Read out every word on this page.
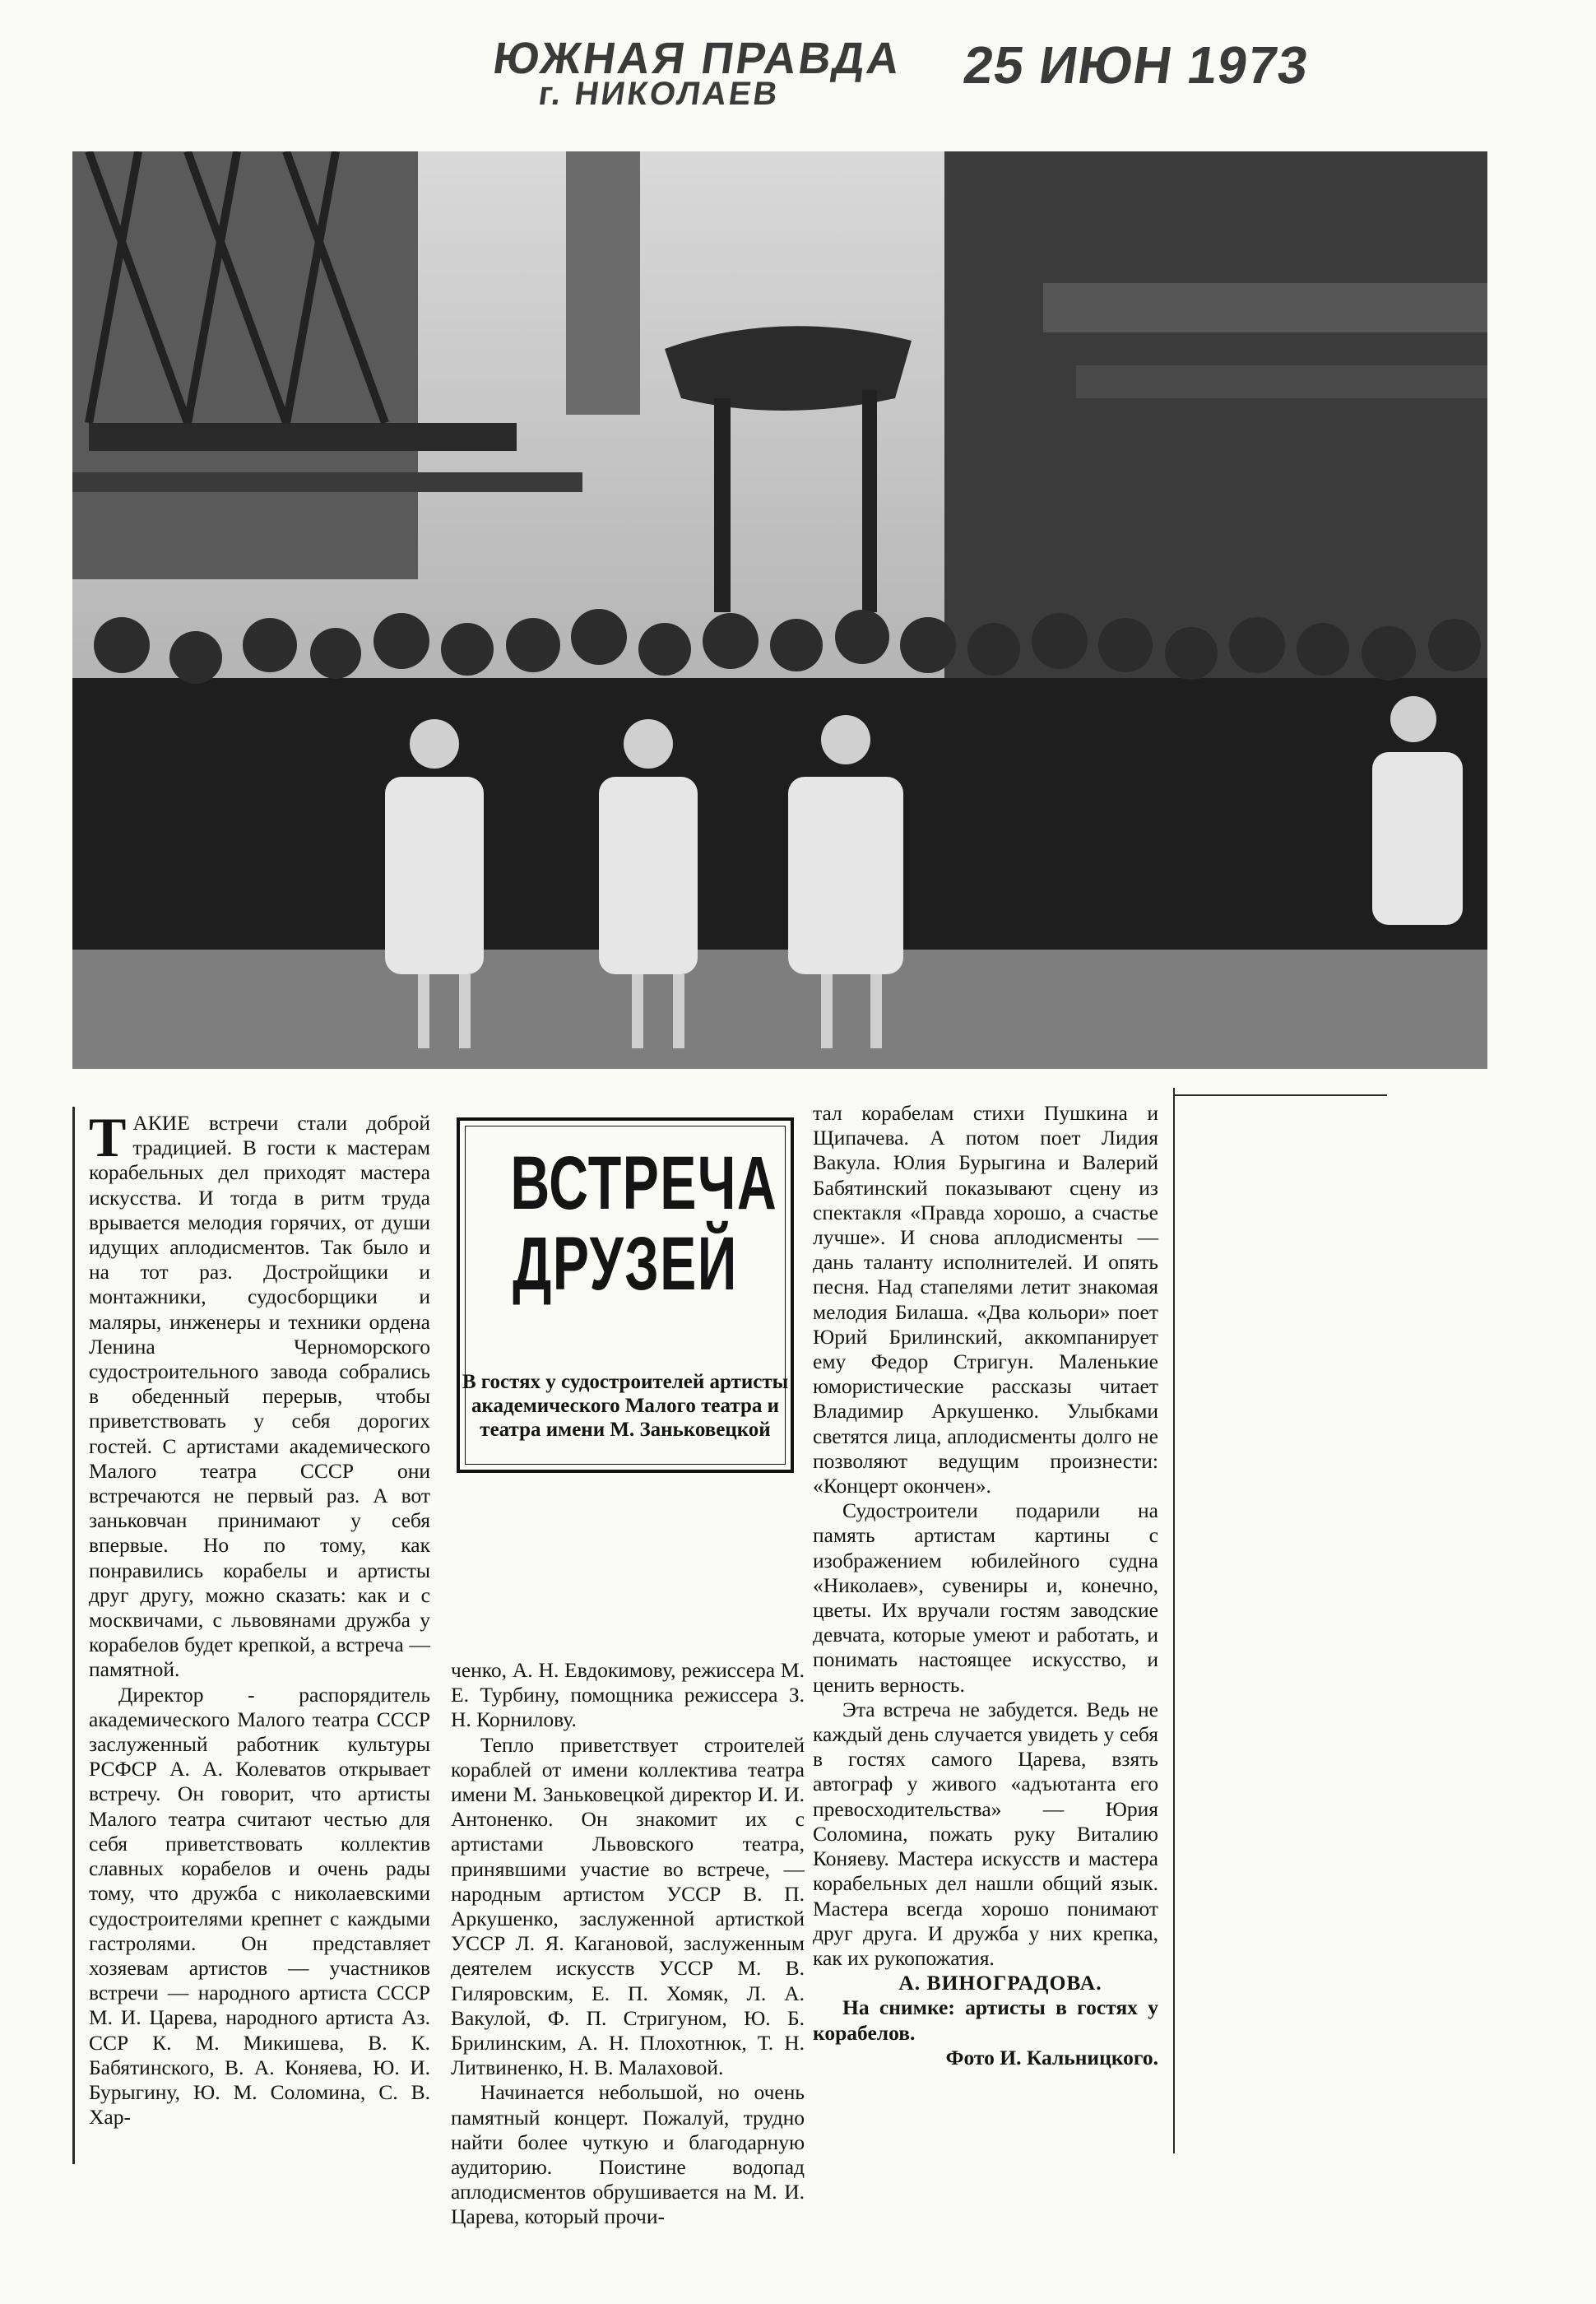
ЮЖНАЯ ПРАВДА
г. НИКОЛАЕВ	25 ИЮН 1973

ТАКИЕ встречи стали доброй традицией. В гости к мастерам корабельных дел приходят мастера искусства. И тогда в ритм труда врывается мелодия горячих, от души идущих аплодисментов. Так было и на тот раз. Достройщики и монтажники, судосборщики и маляры, инженеры и техники ордена Ленина Черноморского судостроительного завода собрались в обеденный перерыв, чтобы приветствовать у себя дорогих гостей. С артистами академического Малого театра СССР они встречаются не первый раз. А вот заньковчан принимают у себя впервые. Но по тому, как понравились корабелы и артисты друг другу, можно сказать: как и с москвичами, с львовянами дружба у корабелов будет крепкой, а встреча — памятной.

Директор - распорядитель академического Малого театра СССР заслуженный работник культуры РСФСР А. А. Колеватов открывает встречу. Он говорит, что артисты Малого театра считают честью для себя приветствовать коллектив славных корабелов и очень рады тому, что дружба с николаевскими судостроителями крепнет с каждыми гастролями. Он представляет хозяевам артистов — участников встречи — народного артиста СССР М. И. Царева, народного артиста Аз. ССР К. М. Микишева, В. К. Бабятинского, В. А. Коняева, Ю. И. Бурыгину, Ю. М. Соломина, С. В. Хар-

ВСТРЕЧА
ДРУЗЕЙ
В гостях у судостроителей артисты академического Малого театра и театра имени М. Заньковецкой

ченко, А. Н. Евдокимову, режиссера М. Е. Турбину, помощника режиссера З. Н. Корнилову.

Тепло приветствует строителей кораблей от имени коллектива театра имени М. Заньковецкой директор И. И. Антоненко. Он знакомит их с артистами Львовского театра, принявшими участие во встрече, — народным артистом УССР В. П. Аркушенко, заслуженной артисткой УССР Л. Я. Кагановой, заслуженным деятелем искусств УССР М. В. Гиляровским, Е. П. Хомяк, Л. А. Вакулой, Ф. П. Стригуном, Ю. Б. Брилинским, А. Н. Плохотнюк, Т. Н. Литвиненко, Н. В. Малаховой.

Начинается небольшой, но очень памятный концерт. Пожалуй, трудно найти более чуткую и благодарную аудиторию. Поистине водопад аплодисментов обрушивается на М. И. Царева, который прочи-

тал корабелам стихи Пушкина и Щипачева. А потом поет Лидия Вакула. Юлия Бурыгина и Валерий Бабятинский показывают сцену из спектакля «Правда хорошо, а счастье лучше». И снова аплодисменты — дань таланту исполнителей. И опять песня. Над стапелями летит знакомая мелодия Билаша. «Два кольори» поет Юрий Брилинский, аккомпанирует ему Федор Стригун. Маленькие юмористические рассказы читает Владимир Аркушенко. Улыбками светятся лица, аплодисменты долго не позволяют ведущим произнести: «Концерт окончен».

Судостроители подарили на память артистам картины с изображением юбилейного судна «Николаев», сувениры и, конечно, цветы. Их вручали гостям заводские девчата, которые умеют и работать, и понимать настоящее искусство, и ценить верность.

Эта встреча не забудется. Ведь не каждый день случается увидеть у себя в гостях самого Царева, взять автограф у живого «адъютанта его превосходительства» — Юрия Соломина, пожать руку Виталию Коняеву. Мастера искусств и мастера корабельных дел нашли общий язык. Мастера всегда хорошо понимают друг друга. И дружба у них крепка, как их рукопожатия.

А. ВИНОГРАДОВА.

На снимке: артисты в гостях у корабелов.

Фото И. Кальницкого.
